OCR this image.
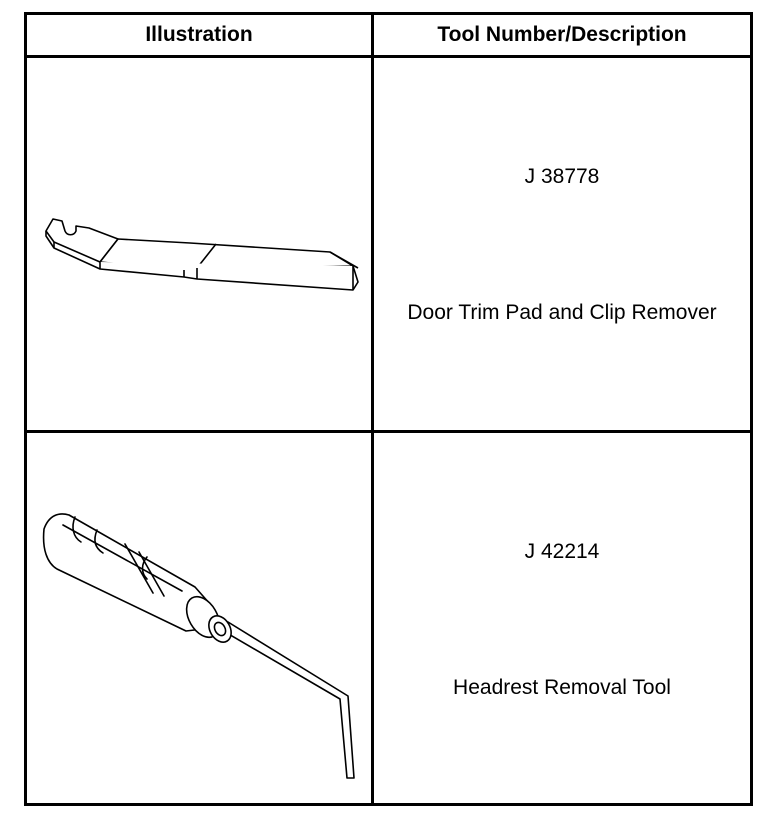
Illustration	Tool Number/Description
J 38778
Door Trim Pad and Clip Remover
J 42214
Headrest Removal Tool
